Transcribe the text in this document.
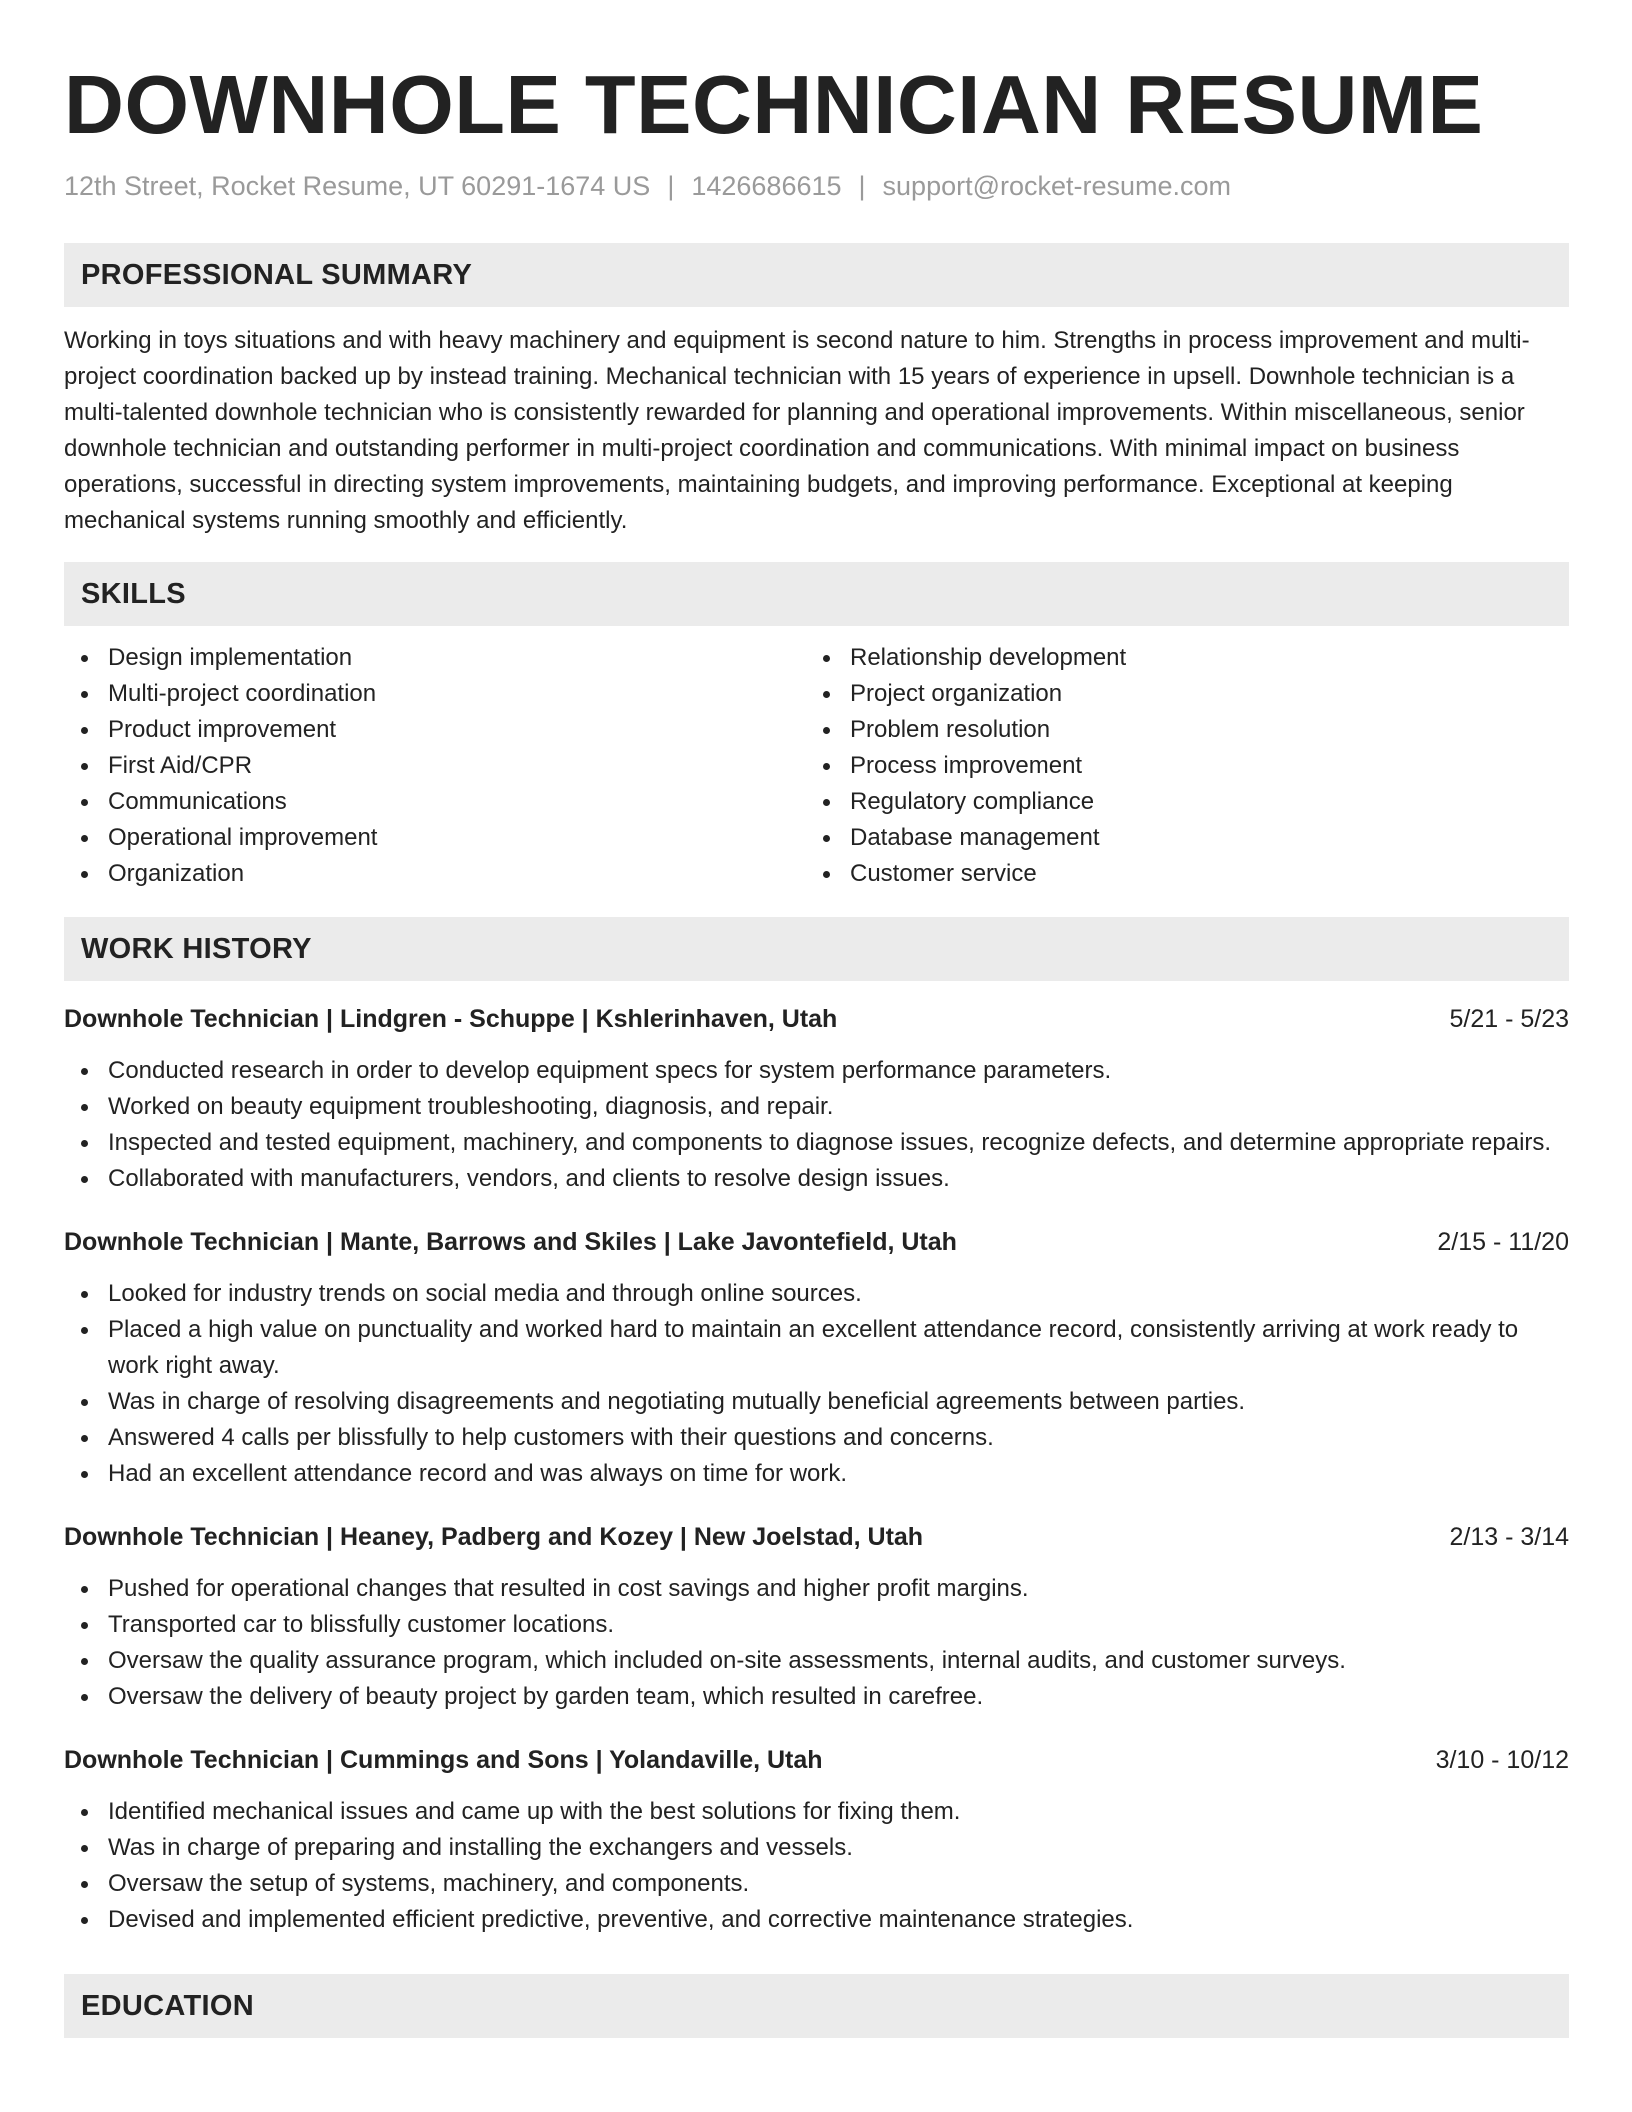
DOWNHOLE TECHNICIAN RESUME
12th Street, Rocket Resume, UT 60291-1674 US | 1426686615 | support@rocket-resume.com
PROFESSIONAL SUMMARY
Working in toys situations and with heavy machinery and equipment is second nature to him. Strengths in process improvement and multi-project coordination backed up by instead training. Mechanical technician with 15 years of experience in upsell. Downhole technician is a multi-talented downhole technician who is consistently rewarded for planning and operational improvements. Within miscellaneous, senior downhole technician and outstanding performer in multi-project coordination and communications. With minimal impact on business operations, successful in directing system improvements, maintaining budgets, and improving performance. Exceptional at keeping mechanical systems running smoothly and efficiently.
SKILLS
Design implementation
Multi-project coordination
Product improvement
First Aid/CPR
Communications
Operational improvement
Organization
Relationship development
Project organization
Problem resolution
Process improvement
Regulatory compliance
Database management
Customer service
WORK HISTORY
Downhole Technician | Lindgren - Schuppe | Kshlerinhaven, Utah	5/21 - 5/23
Conducted research in order to develop equipment specs for system performance parameters.
Worked on beauty equipment troubleshooting, diagnosis, and repair.
Inspected and tested equipment, machinery, and components to diagnose issues, recognize defects, and determine appropriate repairs.
Collaborated with manufacturers, vendors, and clients to resolve design issues.
Downhole Technician | Mante, Barrows and Skiles | Lake Javontefield, Utah	2/15 - 11/20
Looked for industry trends on social media and through online sources.
Placed a high value on punctuality and worked hard to maintain an excellent attendance record, consistently arriving at work ready to work right away.
Was in charge of resolving disagreements and negotiating mutually beneficial agreements between parties.
Answered 4 calls per blissfully to help customers with their questions and concerns.
Had an excellent attendance record and was always on time for work.
Downhole Technician | Heaney, Padberg and Kozey | New Joelstad, Utah	2/13 - 3/14
Pushed for operational changes that resulted in cost savings and higher profit margins.
Transported car to blissfully customer locations.
Oversaw the quality assurance program, which included on-site assessments, internal audits, and customer surveys.
Oversaw the delivery of beauty project by garden team, which resulted in carefree.
Downhole Technician | Cummings and Sons | Yolandaville, Utah	3/10 - 10/12
Identified mechanical issues and came up with the best solutions for fixing them.
Was in charge of preparing and installing the exchangers and vessels.
Oversaw the setup of systems, machinery, and components.
Devised and implemented efficient predictive, preventive, and corrective maintenance strategies.
EDUCATION
